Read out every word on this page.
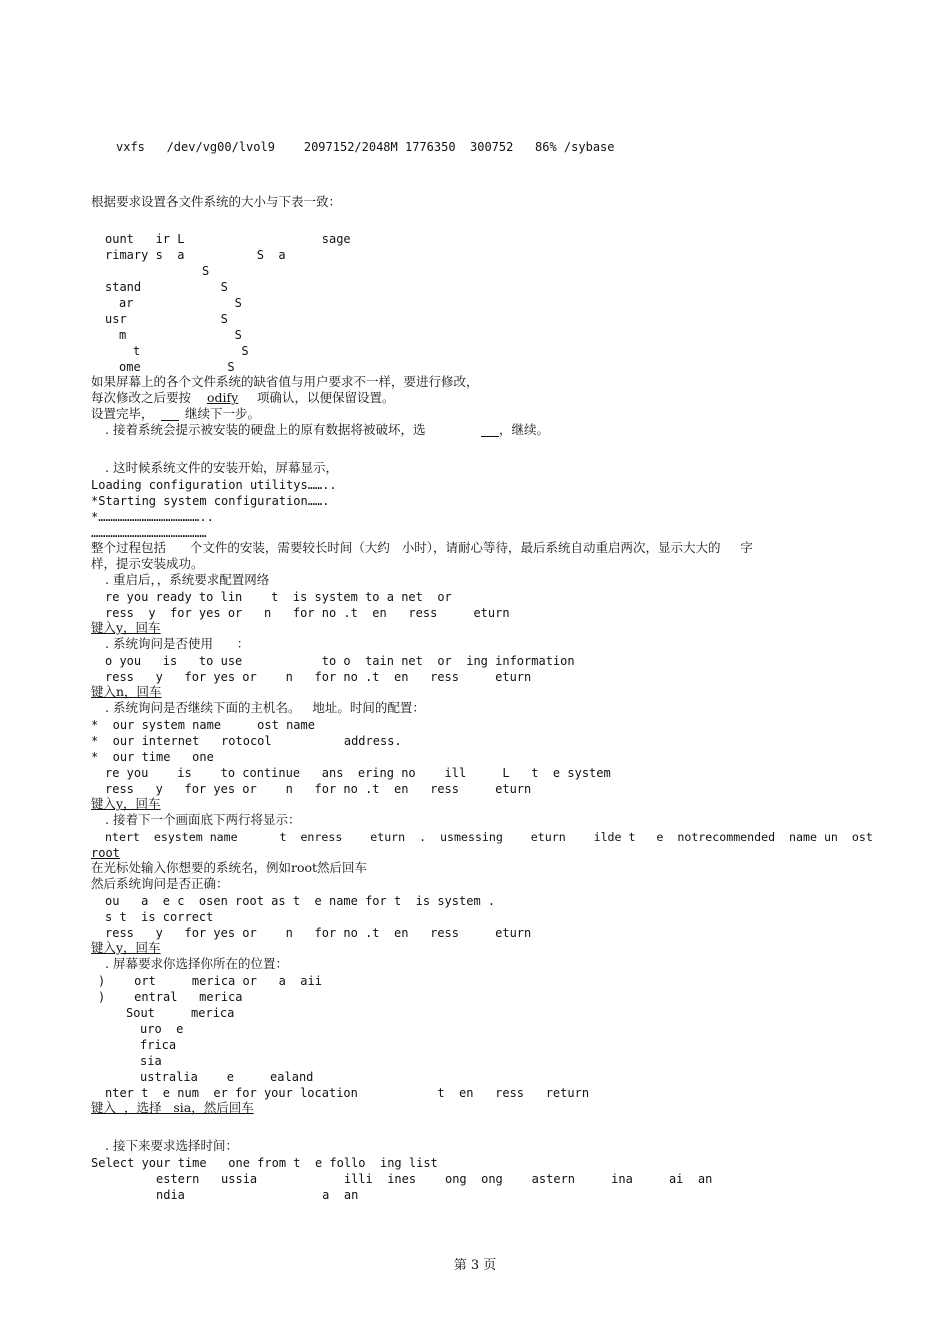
vxfs   /dev/vg00/lvol9    2097152/2048M 1776350  300752   86% /sybase
根据要求设置各文件系统的大小与下表一致：
ount   ir L                   sage
rimary s  a          S  a
S
stand           S
ar              S
usr             S
m               S
t              S
ome            S
如果屏幕上的各个文件系统的缺省值与用户要求不一样，要进行修改，
每次修改之后要按 odify 项确认，以便保留设置。
设置完毕，	继续下一步。
. 接着系统会提示被安装的硬盘上的原有数据将被破坏，选	，继续。
. 这时候系统文件的安装开始，屏幕显示，
Loading configuration utilitys……..
*Starting system configuration…….
*……………………………………..
…………………………………………
整个过程包括      个文件的安装，需要较长时间（大约   小时），请耐心等待，最后系统自动重启两次，显示大大的     字
样，提示安装成功。
. 重启后，，系统要求配置网络
re you ready to lin    t  is system to a net  or
ress  y  for yes or   n   for no .t  en   ress     eturn
键入y，回车
. 系统询问是否使用      ：
o you   is   to use           to o  tain net  or  ing information
ress   y   for yes or    n   for no .t  en   ress     eturn
键入n，回车
. 系统询问是否继续下面的主机名。   地址。时间的配置：
*  our system name     ost name
*  our internet   rotocol          address.
*  our time   one
re you    is    to continue   ans  ering no    ill     L   t  e system
ress   y   for yes or    n   for no .t  en   ress     eturn
键入y，回车
. 接着下一个画面底下两行将显示：
ntert  esystem name      t  enress    eturn  .  usmessing    eturn    ilde t   e  notrecommended  name un  ost
root
在光标处输入你想要的系统名，例如root然后回车
然后系统询问是否正确：
ou   a  e c  osen root as t  e name for t  is system .
s t  is correct
ress   y   for yes or    n   for no .t  en   ress     eturn
键入y，回车
. 屏幕要求你选择你所在的位置：
)    ort     merica or   a  aii
)    entral   merica
Sout     merica
uro  e
frica
sia
ustralia    e     ealand
nter t  e num  er for your location           t  en   ress   return
键入  ，选择   sia，然后回车
. 接下来要求选择时间：
Select your time   one from t  e follo  ing list
estern   ussia            illi  ines    ong  ong    astern     ina     ai  an
ndia                   a  an
第 3 页
